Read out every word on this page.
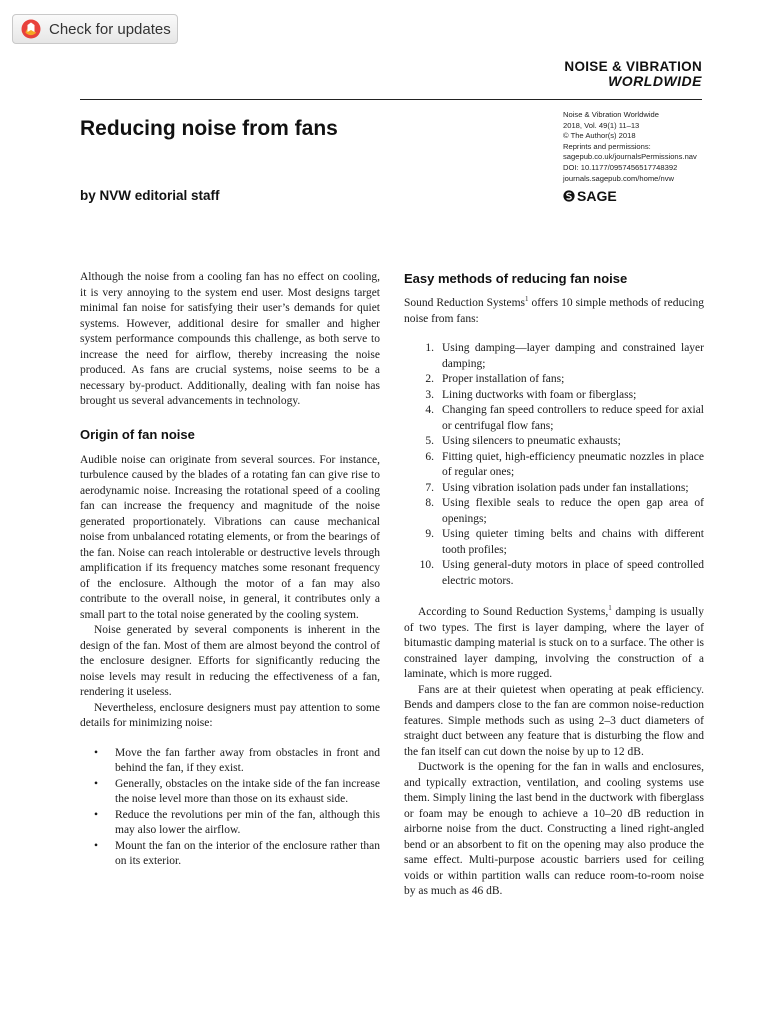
Check for updates
NOISE & VIBRATION
WORLDWIDE
Reducing noise from fans
by NVW editorial staff
Noise & Vibration Worldwide
2018, Vol. 49(1) 11–13
© The Author(s) 2018
Reprints and permissions:
sagepub.co.uk/journalsPermissions.nav
DOI: 10.1177/0957456517748392
journals.sagepub.com/home/nvw
SAGE

Although the noise from a cooling fan has no effect on cooling, it is very annoying to the system end user. Most designs target minimal fan noise for satisfying their user’s demands for quiet systems. However, additional desire for smaller and higher system performance compounds this challenge, as both serve to increase the need for airflow, thereby increasing the noise produced. As fans are crucial systems, noise seems to be a necessary by-product. Additionally, dealing with fan noise has brought us several advancements in technology.

Origin of fan noise

Audible noise can originate from several sources. For instance, turbulence caused by the blades of a rotating fan can give rise to aerodynamic noise. Increasing the rotational speed of a cooling fan can increase the frequency and magnitude of the noise generated proportionately. Vibrations can cause mechanical noise from unbalanced rotating elements, or from the bearings of the fan. Noise can reach intolerable or destructive levels through amplification if its frequency matches some resonant frequency of the enclosure. Although the motor of a fan may also contribute to the overall noise, in general, it contributes only a small part to the total noise generated by the cooling system.

Noise generated by several components is inherent in the design of the fan. Most of them are almost beyond the control of the enclosure designer. Efforts for significantly reducing the noise levels may result in reducing the effectiveness of a fan, rendering it useless.

Nevertheless, enclosure designers must pay attention to some details for minimizing noise:

• Move the fan farther away from obstacles in front and behind the fan, if they exist.
• Generally, obstacles on the intake side of the fan increase the noise level more than those on its exhaust side.
• Reduce the revolutions per min of the fan, although this may also lower the airflow.
• Mount the fan on the interior of the enclosure rather than on its exterior.
Easy methods of reducing fan noise

Sound Reduction Systems$^1$ offers 10 simple methods of reducing noise from fans:

1. Using damping—layer damping and constrained layer damping;
2. Proper installation of fans;
3. Lining ductworks with foam or fiberglass;
4. Changing fan speed controllers to reduce speed for axial or centrifugal flow fans;
5. Using silencers to pneumatic exhausts;
6. Fitting quiet, high-efficiency pneumatic nozzles in place of regular ones;
7. Using vibration isolation pads under fan installations;
8. Using flexible seals to reduce the open gap area of openings;
9. Using quieter timing belts and chains with different tooth profiles;
10. Using general-duty motors in place of speed controlled electric motors.

According to Sound Reduction Systems,$^1$ damping is usually of two types. The first is layer damping, where the layer of bitumastic damping material is stuck on to a surface. The other is constrained layer damping, involving the construction of a laminate, which is more rugged.

Fans are at their quietest when operating at peak efficiency. Bends and dampers close to the fan are common noise-reduction features. Simple methods such as using 2–3 duct diameters of straight duct between any feature that is disturbing the flow and the fan itself can cut down the noise by up to 12 dB.

Ductwork is the opening for the fan in walls and enclosures, and typically extraction, ventilation, and cooling systems use them. Simply lining the last bend in the ductwork with fiberglass or foam may be enough to achieve a 10–20 dB reduction in airborne noise from the duct. Constructing a lined right-angled bend or an absorbent to fit on the opening may also produce the same effect. Multi-purpose acoustic barriers used for ceiling voids or within partition walls can reduce room-to-room noise by as much as 46 dB.
